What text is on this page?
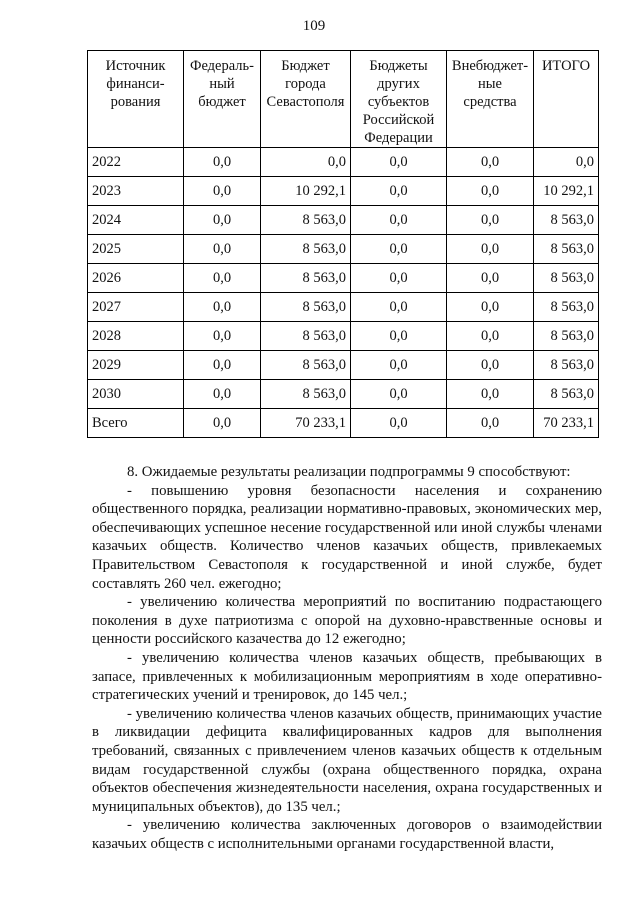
109
Источник финанси-рования	Федераль-ный бюджет	Бюджет города Севастополя	Бюджеты других субъектов Российской Федерации	Внебюджет-ные средства	ИТОГО
2022	0,0	0,0	0,0	0,0	0,0
2023	0,0	10 292,1	0,0	0,0	10 292,1
2024	0,0	8 563,0	0,0	0,0	8 563,0
2025	0,0	8 563,0	0,0	0,0	8 563,0
2026	0,0	8 563,0	0,0	0,0	8 563,0
2027	0,0	8 563,0	0,0	0,0	8 563,0
2028	0,0	8 563,0	0,0	0,0	8 563,0
2029	0,0	8 563,0	0,0	0,0	8 563,0
2030	0,0	8 563,0	0,0	0,0	8 563,0
Всего	0,0	70 233,1	0,0	0,0	70 233,1

8. Ожидаемые результаты реализации подпрограммы 9 способствуют:

- повышению уровня безопасности населения и сохранению общественного порядка, реализации нормативно-правовых, экономических мер, обеспечивающих успешное несение государственной или иной службы членами казачьих обществ. Количество членов казачьих обществ, привлекаемых Правительством Севастополя к государственной и иной службе, будет составлять 260 чел. ежегодно;

- увеличению количества мероприятий по воспитанию подрастающего поколения в духе патриотизма с опорой на духовно-нравственные основы и ценности российского казачества до 12 ежегодно;

- увеличению количества членов казачьих обществ, пребывающих в запасе, привлеченных к мобилизационным мероприятиям в ходе оперативно-стратегических учений и тренировок, до 145 чел.;

- увеличению количества членов казачьих обществ, принимающих участие в ликвидации дефицита квалифицированных кадров для выполнения требований, связанных с привлечением членов казачьих обществ к отдельным видам государственной службы (охрана общественного порядка, охрана объектов обеспечения жизнедеятельности населения, охрана государственных и муниципальных объектов), до 135 чел.;

- увеличению количества заключенных договоров о взаимодействии казачьих обществ с исполнительными органами государственной власти,
